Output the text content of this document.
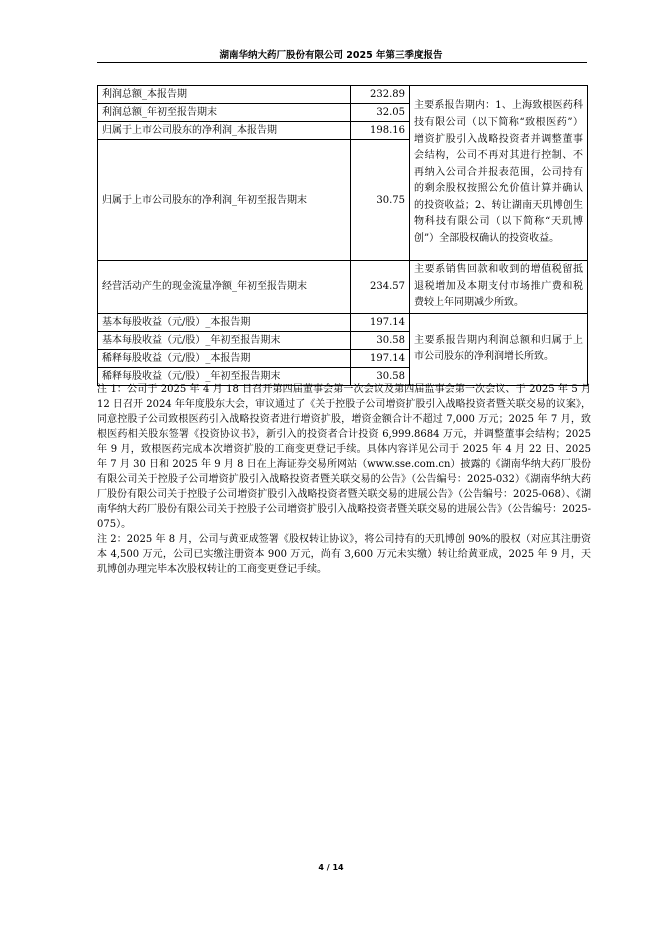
湖南华纳大药厂股份有限公司 2025 年第三季度报告
利润总额_本报告期	232.89	主要系报告期内：1、上海致根医药科技有限公司（以下简称“致根医药”）增资扩股引入战略投资者并调整董事会结构，公司不再对其进行控制、不再纳入公司合并报表范围，公司持有的剩余股权按照公允价值计算并确认的投资收益；2、转让湖南天玑博创生物科技有限公司（以下简称“天玑博创”）全部股权确认的投资收益。
利润总额_年初至报告期末	32.05	
归属于上市公司股东的净利润_本报告期	198.16	
归属于上市公司股东的净利润_年初至报告期末	30.75	
经营活动产生的现金流量净额_年初至报告期末	234.57	主要系销售回款和收到的增值税留抵退税增加及本期支付市场推广费和税费较上年同期减少所致。
基本每股收益（元/股）_本报告期	197.14	主要系报告期内利润总额和归属于上市公司股东的净利润增长所致。
基本每股收益（元/股）_年初至报告期末	30.58	
稀释每股收益（元/股）_本报告期	197.14	
稀释每股收益（元/股）_年初至报告期末	30.58	

注 1：公司于 2025 年 4 月 18 日召开第四届董事会第一次会议及第四届监事会第一次会议、于 2025 年 5 月 12 日召开 2024 年年度股东大会，审议通过了《关于控股子公司增资扩股引入战略投资者暨关联交易的议案》，同意控股子公司致根医药引入战略投资者进行增资扩股，增资金额合计不超过 7,000 万元；2025 年 7 月，致根医药相关股东签署《投资协议书》，新引入的投资者合计投资 6,999.8684 万元，并调整董事会结构；2025 年 9 月，致根医药完成本次增资扩股的工商变更登记手续。具体内容详见公司于 2025 年 4 月 22 日、2025 年 7 月 30 日和 2025 年 9 月 8 日在上海证券交易所网站（www.sse.com.cn）披露的《湖南华纳大药厂股份有限公司关于控股子公司增资扩股引入战略投资者暨关联交易的公告》（公告编号：2025-032）《湖南华纳大药厂股份有限公司关于控股子公司增资扩股引入战略投资者暨关联交易的进展公告》（公告编号：2025-068）、《湖南华纳大药厂股份有限公司关于控股子公司增资扩股引入战略投资者暨关联交易的进展公告》（公告编号：2025-075）。

注 2：2025 年 8 月，公司与黄亚成签署《股权转让协议》，将公司持有的天玑博创 90%的股权（对应其注册资本 4,500 万元，公司已实缴注册资本 900 万元，尚有 3,600 万元未实缴）转让给黄亚成，2025 年 9 月，天玑博创办理完毕本次股权转让的工商变更登记手续。

4 / 14
